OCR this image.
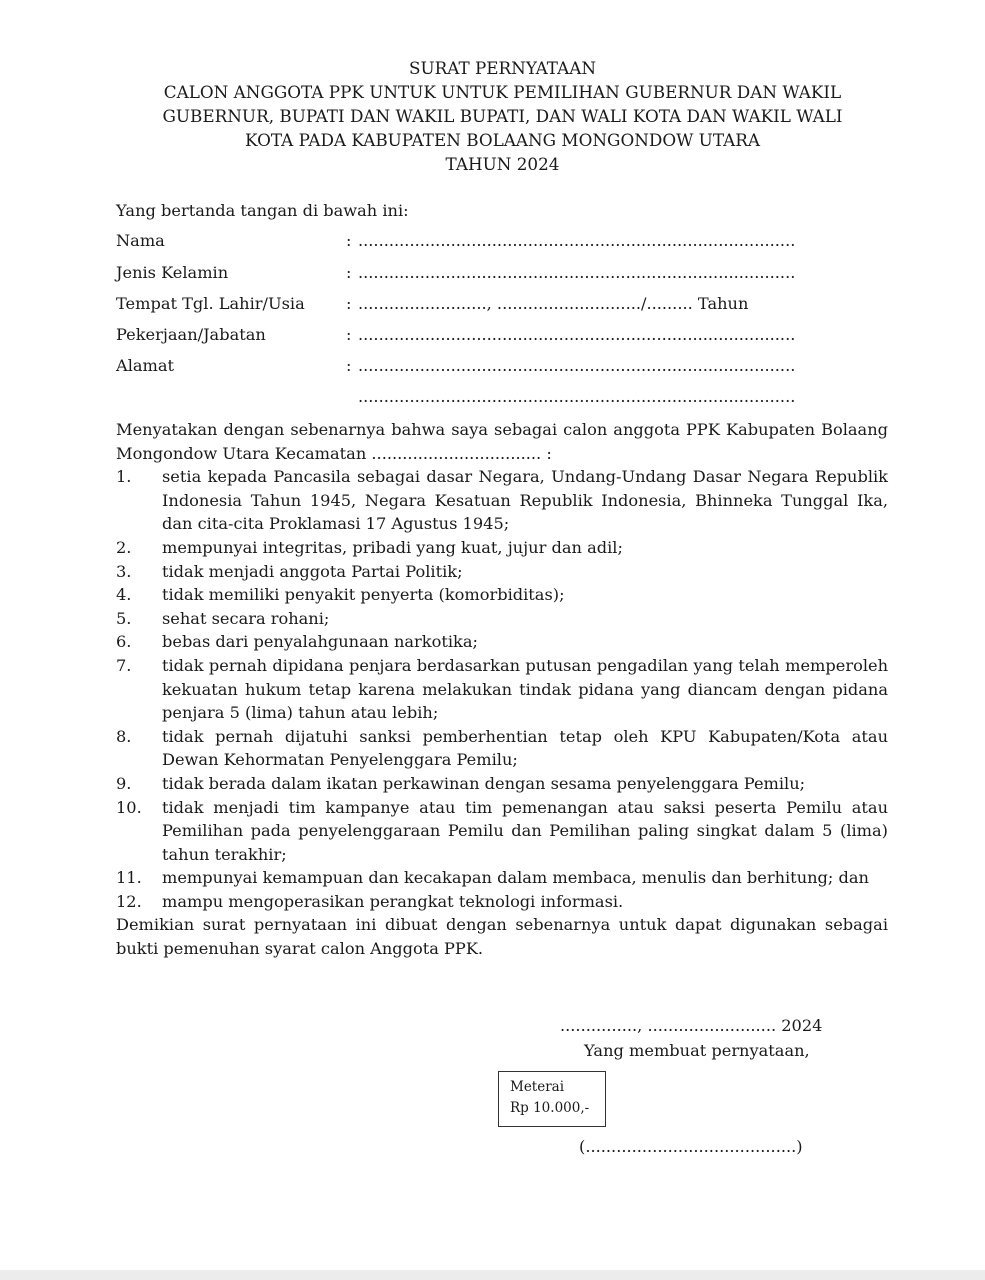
SURAT PERNYATAAN
CALON ANGGOTA PPK UNTUK UNTUK PEMILIHAN GUBERNUR DAN WAKIL
GUBERNUR, BUPATI DAN WAKIL BUPATI, DAN WALI KOTA DAN WAKIL WALI
KOTA PADA KABUPATEN BOLAANG MONGONDOW UTARA
TAHUN 2024
Yang bertanda tangan di bawah ini:
Nama	: .....................................................................................
Jenis Kelamin	: .....................................................................................
Tempat Tgl. Lahir/Usia	: ........................., ............................/......... Tahun
Pekerjaan/Jabatan	: .....................................................................................
Alamat	: .....................................................................................
.....................................................................................
Menyatakan dengan sebenarnya bahwa saya sebagai calon anggota PPK Kabupaten Bolaang Mongondow Utara Kecamatan ................................. :
1.	setia kepada Pancasila sebagai dasar Negara, Undang-Undang Dasar Negara Republik Indonesia Tahun 1945, Negara Kesatuan Republik Indonesia, Bhinneka Tunggal Ika, dan cita-cita Proklamasi 17 Agustus 1945;
2.	mempunyai integritas, pribadi yang kuat, jujur dan adil;
3.	tidak menjadi anggota Partai Politik;
4.	tidak memiliki penyakit penyerta (komorbiditas);
5.	sehat secara rohani;
6.	bebas dari penyalahgunaan narkotika;
7.	tidak pernah dipidana penjara berdasarkan putusan pengadilan yang telah memperoleh kekuatan hukum tetap karena melakukan tindak pidana yang diancam dengan pidana penjara 5 (lima) tahun atau lebih;
8.	tidak pernah dijatuhi sanksi pemberhentian tetap oleh KPU Kabupaten/Kota atau Dewan Kehormatan Penyelenggara Pemilu;
9.	tidak berada dalam ikatan perkawinan dengan sesama penyelenggara Pemilu;
10.	tidak menjadi tim kampanye atau tim pemenangan atau saksi peserta Pemilu atau Pemilihan pada penyelenggaraan Pemilu dan Pemilihan paling singkat dalam 5 (lima) tahun terakhir;
11.	mempunyai kemampuan dan kecakapan dalam membaca, menulis dan berhitung; dan
12.	mampu mengoperasikan perangkat teknologi informasi.
Demikian surat pernyataan ini dibuat dengan sebenarnya untuk dapat digunakan sebagai bukti pemenuhan syarat calon Anggota PPK.
..............., ......................... 2024
Yang membuat pernyataan,
Meterai
Rp 10.000,-
(.........................................)
